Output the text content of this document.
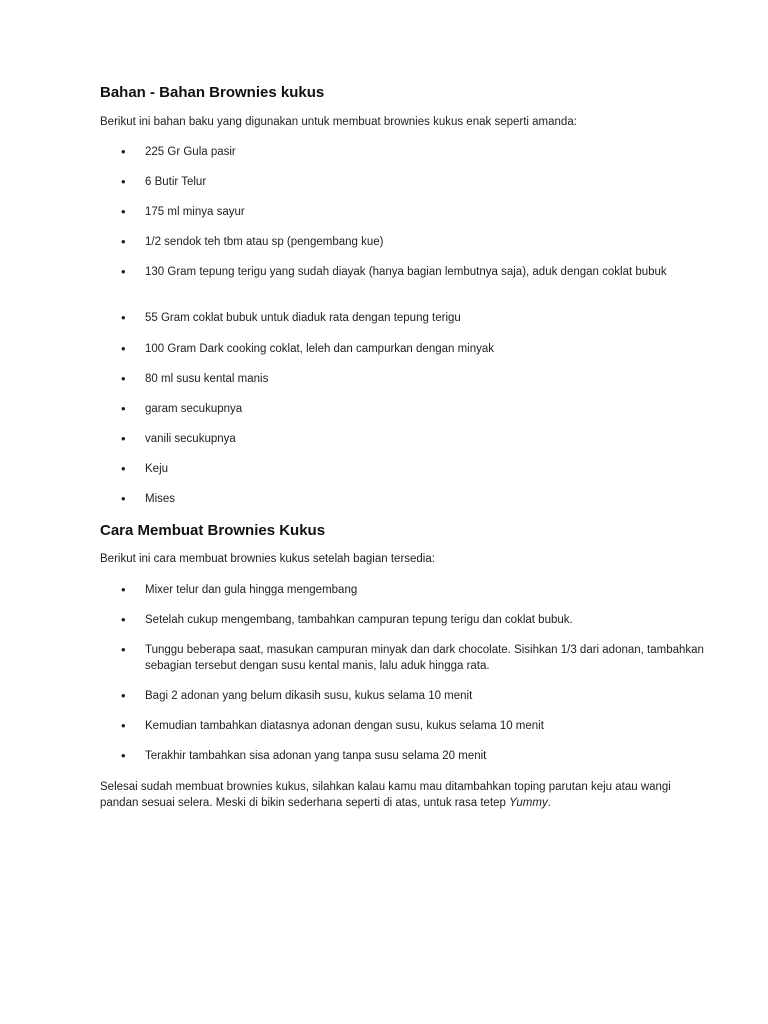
Bahan - Bahan Brownies kukus

Berikut ini bahan baku yang digunakan untuk membuat brownies kukus enak seperti amanda:

• 225 Gr Gula pasir
• 6 Butir Telur
• 175 ml minya sayur
• 1/2 sendok teh tbm atau sp (pengembang kue)
• 130 Gram tepung terigu yang sudah diayak (hanya bagian lembutnya saja), aduk dengan coklat bubuk
• 55 Gram coklat bubuk untuk diaduk rata dengan tepung terigu
• 100 Gram Dark cooking coklat, leleh dan campurkan dengan minyak
• 80 ml susu kental manis
• garam secukupnya
• vanili secukupnya
• Keju
• Mises
Cara Membuat Brownies Kukus

Berikut ini cara membuat brownies kukus setelah bagian tersedia:

• Mixer telur dan gula hingga mengembang
• Setelah cukup mengembang, tambahkan campuran tepung terigu dan coklat bubuk.
• Tunggu beberapa saat, masukan campuran minyak dan dark chocolate. Sisihkan 1/3 dari adonan, tambahkan sebagian tersebut dengan susu kental manis, lalu aduk hingga rata.
• Bagi 2 adonan yang belum dikasih susu, kukus selama 10 menit
• Kemudian tambahkan diatasnya adonan dengan susu, kukus selama 10 menit
• Terakhir tambahkan sisa adonan yang tanpa susu selama 20 menit

Selesai sudah membuat brownies kukus, silahkan kalau kamu mau ditambahkan toping parutan keju atau wangi pandan sesuai selera. Meski di bikin sederhana seperti di atas, untuk rasa tetep Yummy.
